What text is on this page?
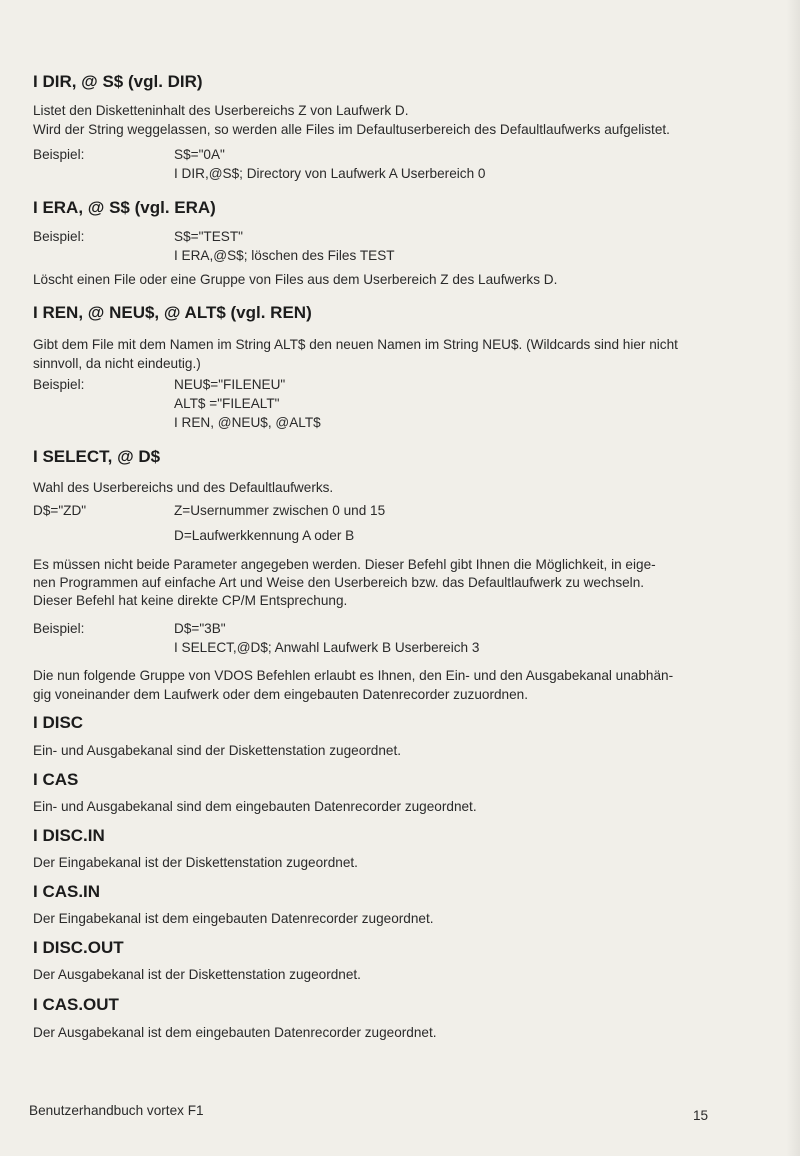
I DIR, @ S$ (vgl. DIR)

Listet den Disketteninhalt des Userbereichs Z von Laufwerk D.

Wird der String weggelassen, so werden alle Files im Defaultuserbereich des Defaultlaufwerks aufgelistet.

Beispiel:	S$="0A"
I DIR,@S$; Directory von Laufwerk A Userbereich 0
I ERA, @ S$ (vgl. ERA)
Beispiel:	S$="TEST"
I ERA,@S$; löschen des Files TEST

Löscht einen File oder eine Gruppe von Files aus dem Userbereich Z des Laufwerks D.

I REN, @ NEU$, @ ALT$ (vgl. REN)

Gibt dem File mit dem Namen im String ALT$ den neuen Namen im String NEU$. (Wildcards sind hier nicht

sinnvoll, da nicht eindeutig.)

Beispiel:	NEU$="FILENEU"
ALT$ ="FILEALT"
I REN, @NEU$, @ALT$
I SELECT, @ D$

Wahl des Userbereichs und des Defaultlaufwerks.

D$="ZD"	Z=Usernummer zwischen 0 und 15
D=Laufwerkkennung A oder B

Es müssen nicht beide Parameter angegeben werden. Dieser Befehl gibt Ihnen die Möglichkeit, in eige-

nen Programmen auf einfache Art und Weise den Userbereich bzw. das Defaultlaufwerk zu wechseln.

Dieser Befehl hat keine direkte CP/M Entsprechung.

Beispiel:	D$="3B"
I SELECT,@D$; Anwahl Laufwerk B Userbereich 3

Die nun folgende Gruppe von VDOS Befehlen erlaubt es Ihnen, den Ein- und den Ausgabekanal unabhän-

gig voneinander dem Laufwerk oder dem eingebauten Datenrecorder zuzuordnen.

I DISC

Ein- und Ausgabekanal sind der Diskettenstation zugeordnet.

I CAS

Ein- und Ausgabekanal sind dem eingebauten Datenrecorder zugeordnet.

I DISC.IN

Der Eingabekanal ist der Diskettenstation zugeordnet.

I CAS.IN

Der Eingabekanal ist dem eingebauten Datenrecorder zugeordnet.

I DISC.OUT

Der Ausgabekanal ist der Diskettenstation zugeordnet.

I CAS.OUT

Der Ausgabekanal ist dem eingebauten Datenrecorder zugeordnet.

Benutzerhandbuch vortex F1	15
